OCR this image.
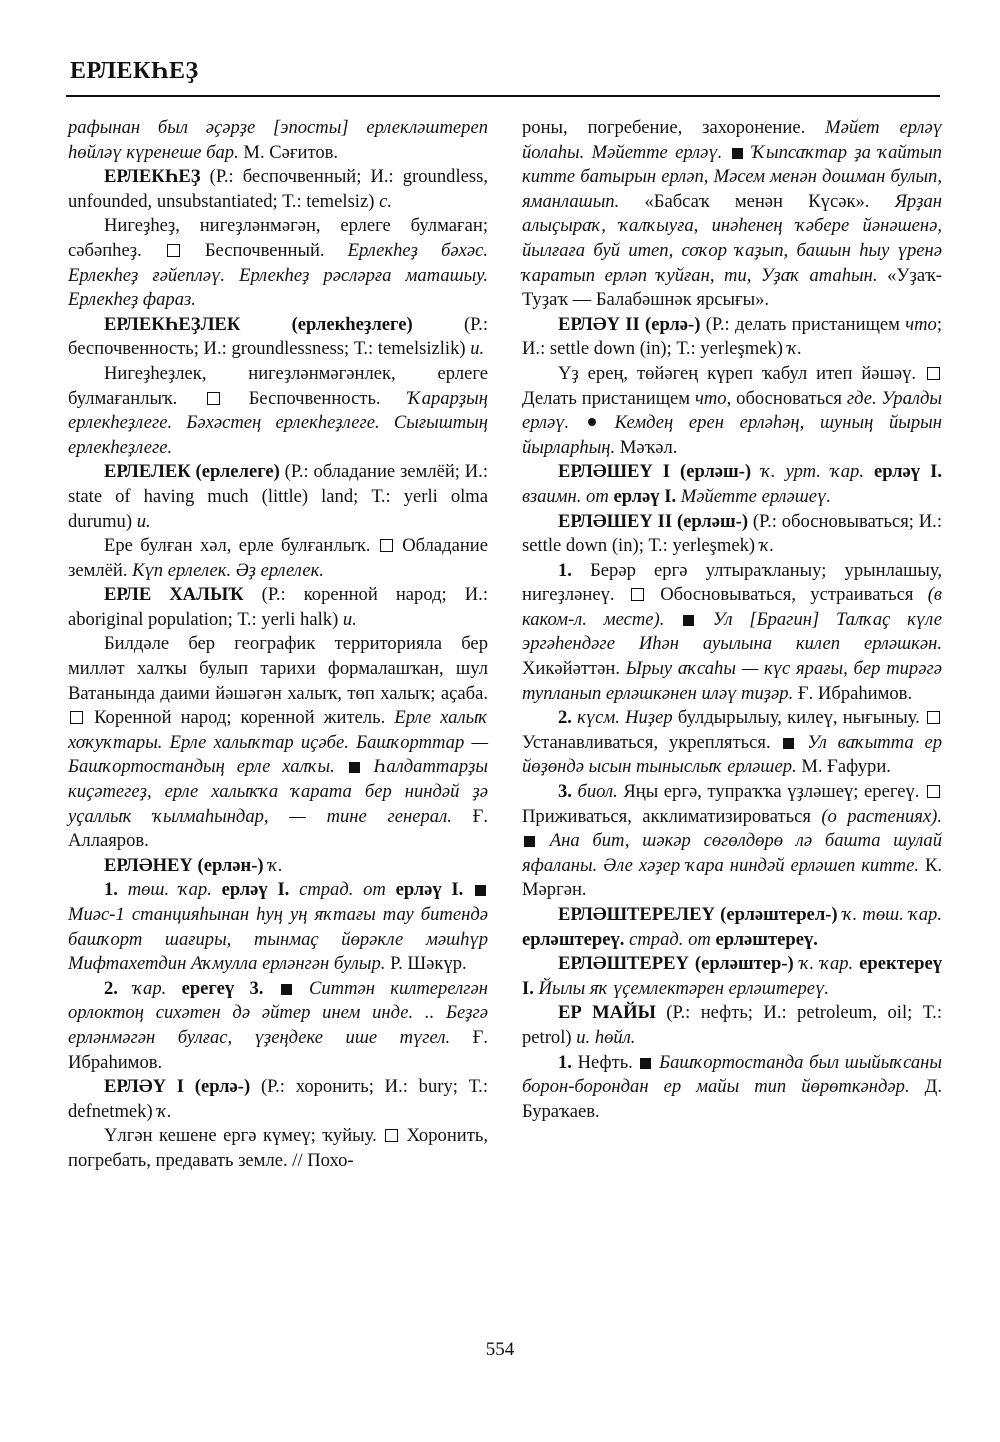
ЕРЛЕКҺЕҘ

рафынан был әҫәрҙе [эпосты] ерлекләштереп һөйләү күренеше бар. М. Сәғитов.

ЕРЛЕКҺЕҘ (Р.: беспочвенный; И.: groundless, unfounded, unsubstantiated; Т.: temelsiz) с.

Нигеҙһеҙ, нигеҙләнмәгән, ерлеге булмаған; сәбәпһеҙ.	Беспочвенный. Ерлекһеҙ бәхәс. Ерлекһеҙ ғәйепләү. Ерлекһеҙ рәсләрға маташыу. Ерлекһеҙ фараз.

ЕРЛЕКҺЕҘЛЕК (ерлекһеҙлеге)	(Р.: беспочвенность; И.: groundlessness; Т.: temelsizlik) и.

Нигеҙһеҙлек, нигеҙләнмәгәнлек, ерлеге булмағанлыҡ.	Беспочвенность. Ҡарарҙың ерлекһеҙлеге. Бәхәстең ерлекһеҙлеге. Сығыштың ерлекһеҙлеге.

ЕРЛЕЛЕК (ерлелеге) (Р.: обладание землёй; И.: state of having much (little) land; Т.: yerli olma durumu) и.

Ере булған хәл, ерле булғанлыҡ. Обладание землёй. Күп ерлелек. Әҙ ерлелек.

ЕРЛЕ ХАЛЫҠ (Р.: коренной народ; И.: aboriginal population; Т.: yerli halk) и.

Билдәле бер географик территорияла бер милләт халҡы булып тарихи формалашҡан, шул Ватанында даими йәшәгән халыҡ, төп халыҡ; аҫаба.  Коренной народ; коренной житель. Ерле халыҡ хоҡуҡтары. Ерле халыҡтар иҫәбе. Башҡорттар — Башҡортостандың ерле халҡы. Һалдаттарҙы киҫәтегеҙ, ерле халыҡҡа ҡарата бер ниндәй ҙә уҫаллыҡ ҡылмаһындар, — тине генерал. Ғ. Аллаяров.

ЕРЛӘНЕҮ (ерлән-) ҡ.

1. төш. ҡар. ерләү I. страд. от ерләү I.  Миәс-1 станцияһынан һуң уң яҡтағы тау битендә башҡорт шағиры, тынмаҫ йөрәкле мәшһүр Мифтахетдин Аҡмулла ерләнгән булыр. Р. Шәкүр.

2. ҡар. ерегеү 3. Ситтән килтерелгән орлоктоң сихәтен дә әйтер инем инде. .. Беҙгә ерләнмәгән булғас, үҙеңдеке ише түгел. Ғ. Ибраһимов.

ЕРЛӘҮ I (ерлә-) (Р.: хоронить; И.: bury; Т.: defnetmek) ҡ.

Үлгән кешене ергә күмеү; ҡуйыу. Хоронить, погребать, предавать земле. // Похо-

роны, погребение, захоронение. Мәйет ерләү йолаһы. Мәйетте ерләү. Ҡыпсаҡтар ҙа ҡайтып китте батырын ерләп, Мәсем менән дошман булып, яманлашып. «Бабсаҡ менән Күсәк». Ярҙан алыҫыраҡ, ҡалҡыуға, инәһенең ҡәбере йәнәшенә, йылғаға буй итеп, соҡор ҡаҙып, башын һыу үренә ҡаратып ерләп ҡуйған, ти, Уҙаҡ атаһын. «Уҙаҡ-Туҙаҡ — Балабәшнәк ярсығы».

ЕРЛӘҮ II (ерлә-) (Р.: делать пристанищем что; И.: settle down (in); Т.: yerleşmek) ҡ.

Үҙ ерең, төйәгең күреп ҡабул итеп йәшәү.  Делать пристанищем что, обосноваться где. Уралды ерләү. Кемдең ерен ерләһәң, шуның йырын йырларһың. Мәҡәл.

ЕРЛӘШЕҮ I (ерләш-) ҡ. урт. ҡар. ерләү I. взаимн. от ерләү I. Мәйетте ерләшеү.

ЕРЛӘШЕҮ II (ерләш-) (Р.: обосновываться; И.: settle down (in); Т.: yerleşmek) ҡ.

1. Берәр ергә ултыраҡланыу; урынлашыу, нигеҙләнеү. Обосновываться, устраиваться (в каком-л. месте).	Ул [Брагин] Талҡаҫ күле эргәһендәге Иһән ауылына килеп ерләшкән. Хикәйәттән. Ырыу аҡсаһы — күс ярағы, бер тирәгә тупланып ерләшкәнен иләү тиҙәр. Ғ. Ибраһимов.

2. күсм. Ниҙер булдырылыу, килеү, нығыныу.  Устанавливаться, укрепляться. Ул ваҡытта ер йөҙөндә ысын тыныслыҡ ерләшер. М. Ғафури.

3. биол. Яңы ергә, тупраҡҡа үҙләшеү; ерегеү.  Приживаться, акклиматизироваться (о растениях).  Ана бит, шәкәр сөгөлдөрө лә башта шулай яфаланы. Әле хәҙер ҡара ниндәй ерләшеп китте. К. Мәргән.

ЕРЛӘШТЕРЕЛЕҮ (ерләштерел-) ҡ. төш. ҡар. ерләштереү. страд. от ерләштереү.

ЕРЛӘШТЕРЕҮ (ерләштер-) ҡ. ҡар. еректереү I. Йылы яҡ үҫемлектәрен ерләштереү.

ЕР МАЙЫ (Р.: нефть; И.: petroleum, oil; Т.: petrol) и. һөйл.

1. Нефть. Башҡортостанда был шыйыҡсаны борон-борондан ер майы тип йөрөткәндәр. Д. Бураҡаев.

554
